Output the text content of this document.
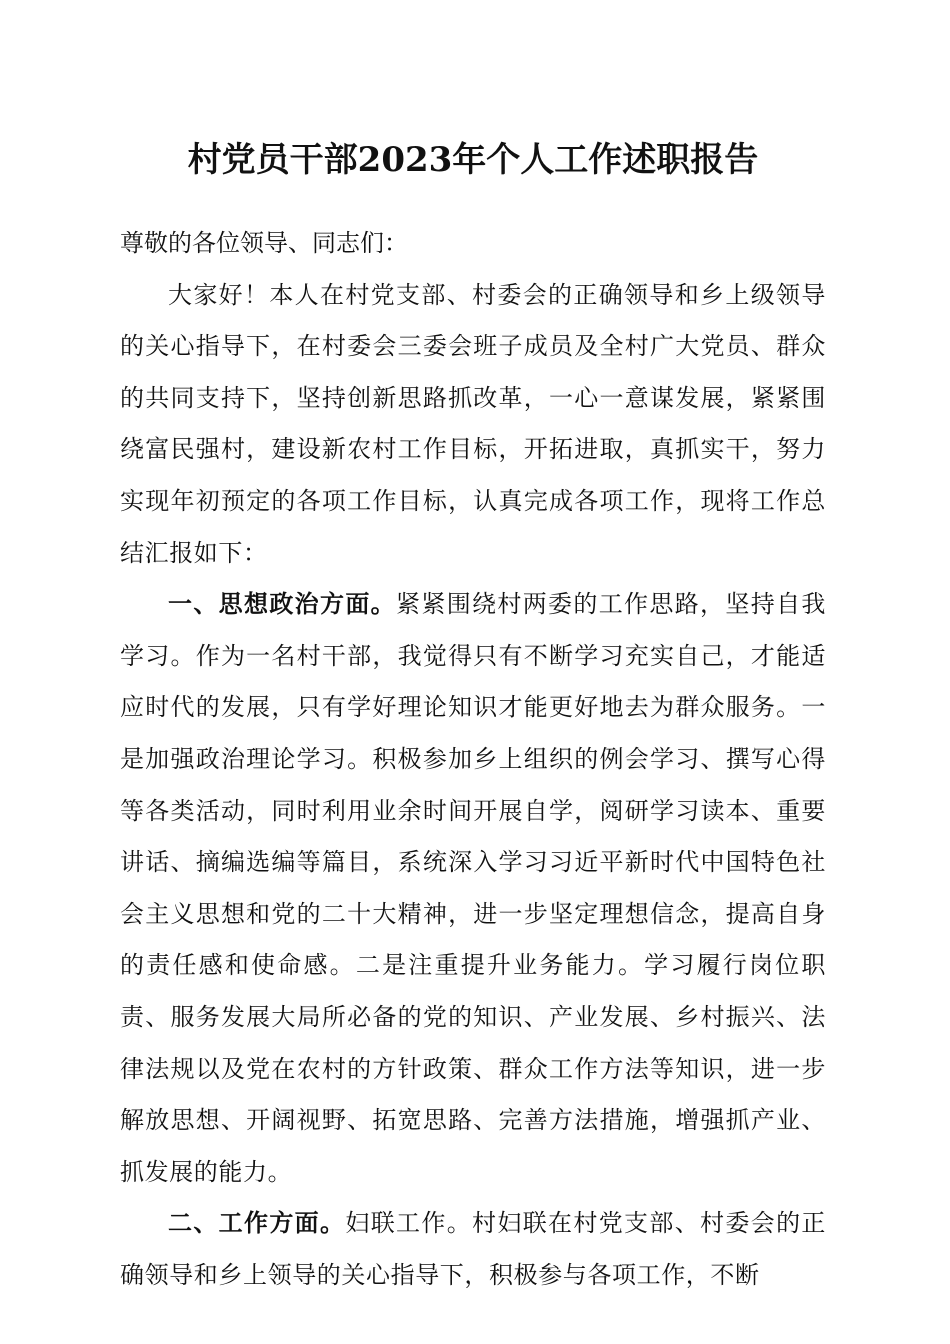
村党员干部2023年个人工作述职报告

尊敬的各位领导、同志们：

大家好！本人在村党支部、村委会的正确领导和乡上级领导的关心指导下，在村委会三委会班子成员及全村广大党员、群众的共同支持下，坚持创新思路抓改革，一心一意谋发展，紧紧围绕富民强村，建设新农村工作目标，开拓进取，真抓实干，努力实现年初预定的各项工作目标，认真完成各项工作，现将工作总结汇报如下：

一、思想政治方面。紧紧围绕村两委的工作思路，坚持自我学习。作为一名村干部，我觉得只有不断学习充实自己，才能适应时代的发展，只有学好理论知识才能更好地去为群众服务。一是加强政治理论学习。积极参加乡上组织的例会学习、撰写心得等各类活动，同时利用业余时间开展自学，阅研学习读本、重要讲话、摘编选编等篇目，系统深入学习习近平新时代中国特色社会主义思想和党的二十大精神，进一步坚定理想信念，提高自身的责任感和使命感。二是注重提升业务能力。学习履行岗位职责、服务发展大局所必备的党的知识、产业发展、乡村振兴、法律法规以及党在农村的方针政策、群众工作方法等知识，进一步解放思想、开阔视野、拓宽思路、完善方法措施，增强抓产业、抓发展的能力。

二、工作方面。妇联工作。村妇联在村党支部、村委会的正确领导和乡上领导的关心指导下，积极参与各项工作，不断
